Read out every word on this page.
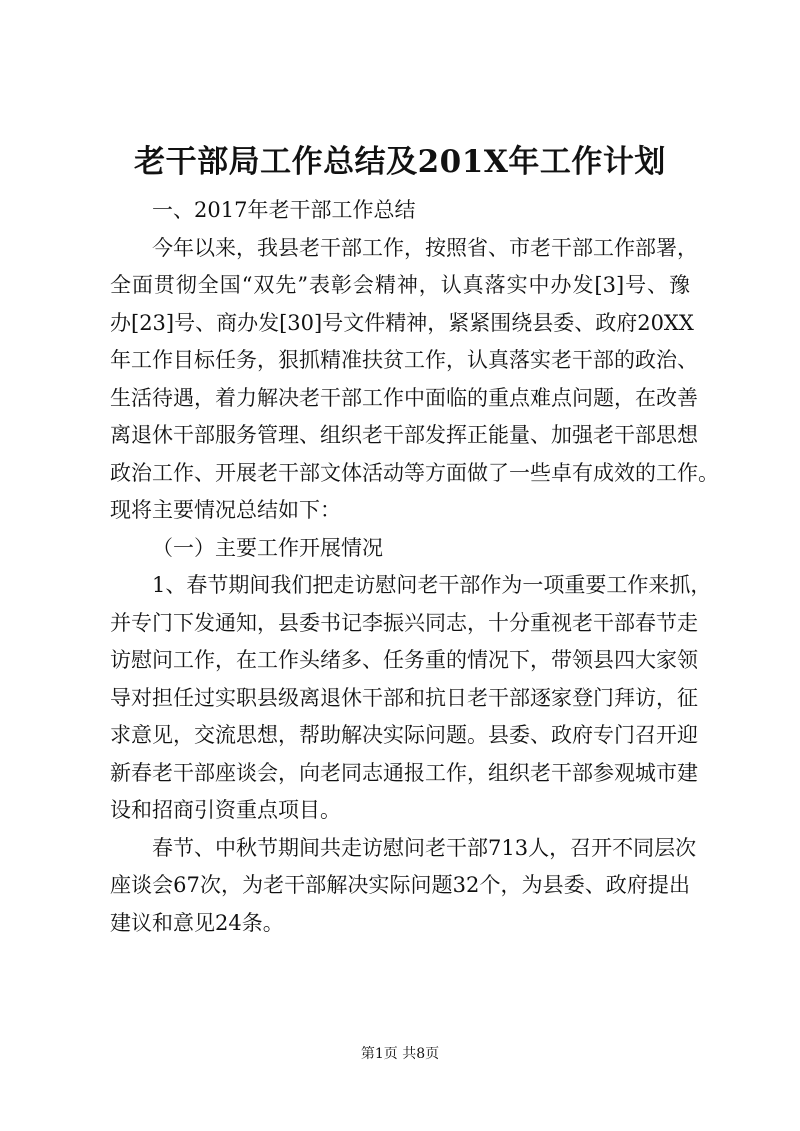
老干部局工作总结及201X年工作计划
一、2017年老干部工作总结
今年以来，我县老干部工作，按照省、市老干部工作部署，
全面贯彻全国“双先”表彰会精神，认真落实中办发[3]号、豫
办[23]号、商办发[30]号文件精神，紧紧围绕县委、政府20XX
年工作目标任务，狠抓精准扶贫工作，认真落实老干部的政治、
生活待遇，着力解决老干部工作中面临的重点难点问题，在改善
离退休干部服务管理、组织老干部发挥正能量、加强老干部思想
政治工作、开展老干部文体活动等方面做了一些卓有成效的工作。
现将主要情况总结如下：
（一）主要工作开展情况
1、春节期间我们把走访慰问老干部作为一项重要工作来抓，
并专门下发通知，县委书记李振兴同志，十分重视老干部春节走
访慰问工作，在工作头绪多、任务重的情况下，带领县四大家领
导对担任过实职县级离退休干部和抗日老干部逐家登门拜访，征
求意见，交流思想，帮助解决实际问题。县委、政府专门召开迎
新春老干部座谈会，向老同志通报工作，组织老干部参观城市建
设和招商引资重点项目。
春节、中秋节期间共走访慰问老干部713人，召开不同层次
座谈会67次，为老干部解决实际问题32个，为县委、政府提出
建议和意见24条。
第1页 共8页
